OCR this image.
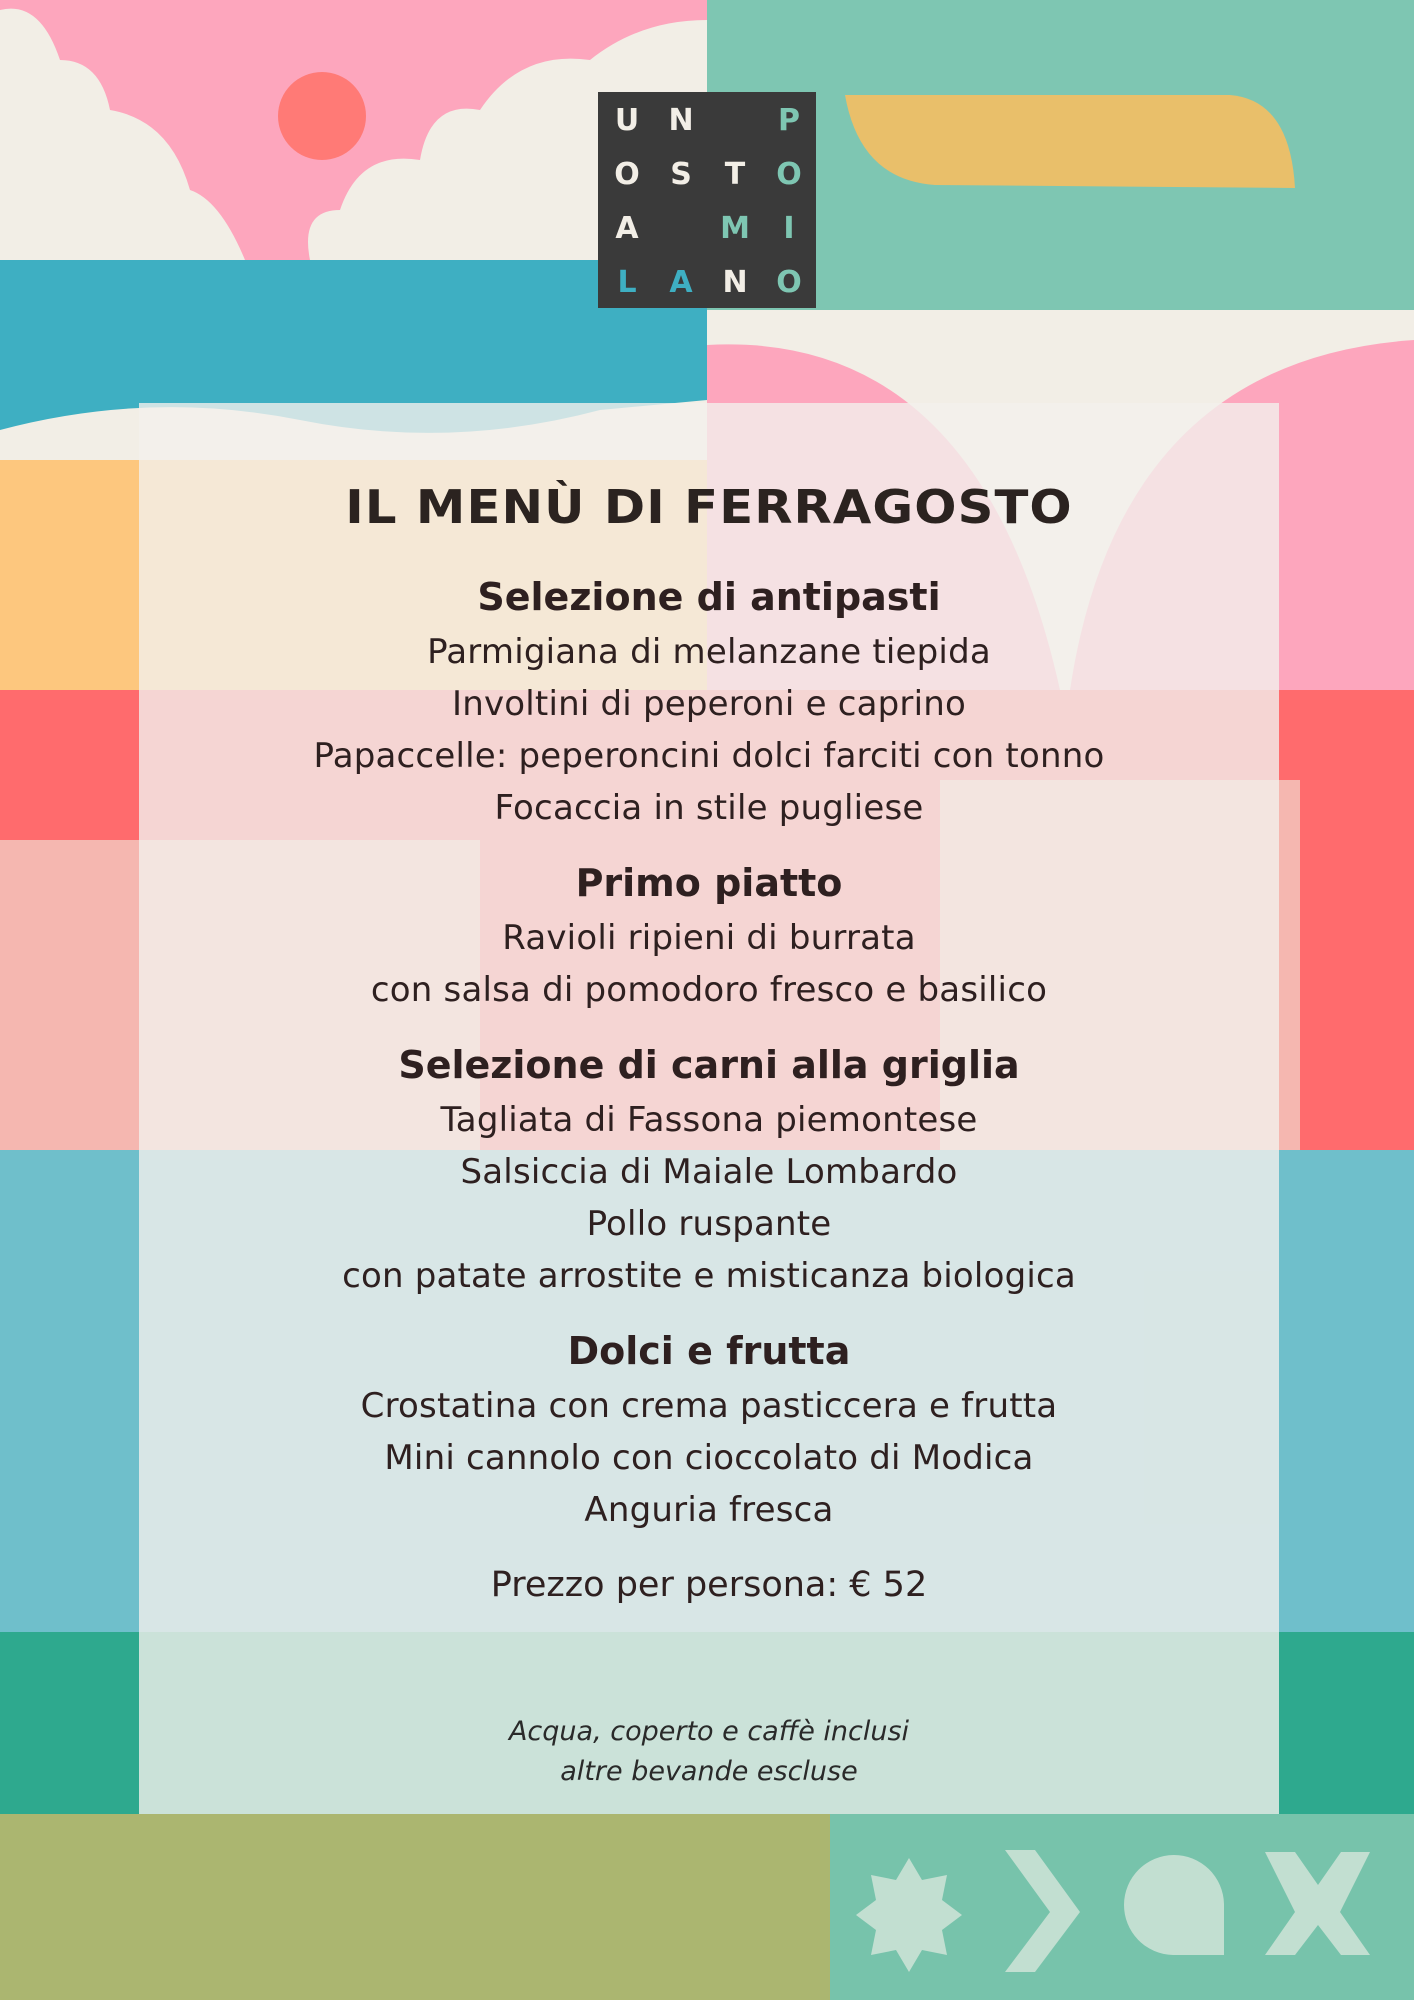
U N	P
O	S	T	O
A	M	I
L	A N O
IL MENÙ DI FERRAGOSTO
Selezione di antipasti
Parmigiana di melanzane tiepida
Involtini di peperoni e caprino
Papaccelle: peperoncini dolci farciti con tonno
Focaccia in stile pugliese
Primo piatto
Ravioli ripieni di burrata
con salsa di pomodoro fresco e basilico
Selezione di carni alla griglia
Tagliata di Fassona piemontese
Salsiccia di Maiale Lombardo
Pollo ruspante
con patate arrostite e misticanza biologica
Dolci e frutta
Crostatina con crema pasticcera e frutta
Mini cannolo con cioccolato di Modica
Anguria fresca
Prezzo per persona: € 52
Acqua, coperto e caffè inclusi
altre bevande escluse
